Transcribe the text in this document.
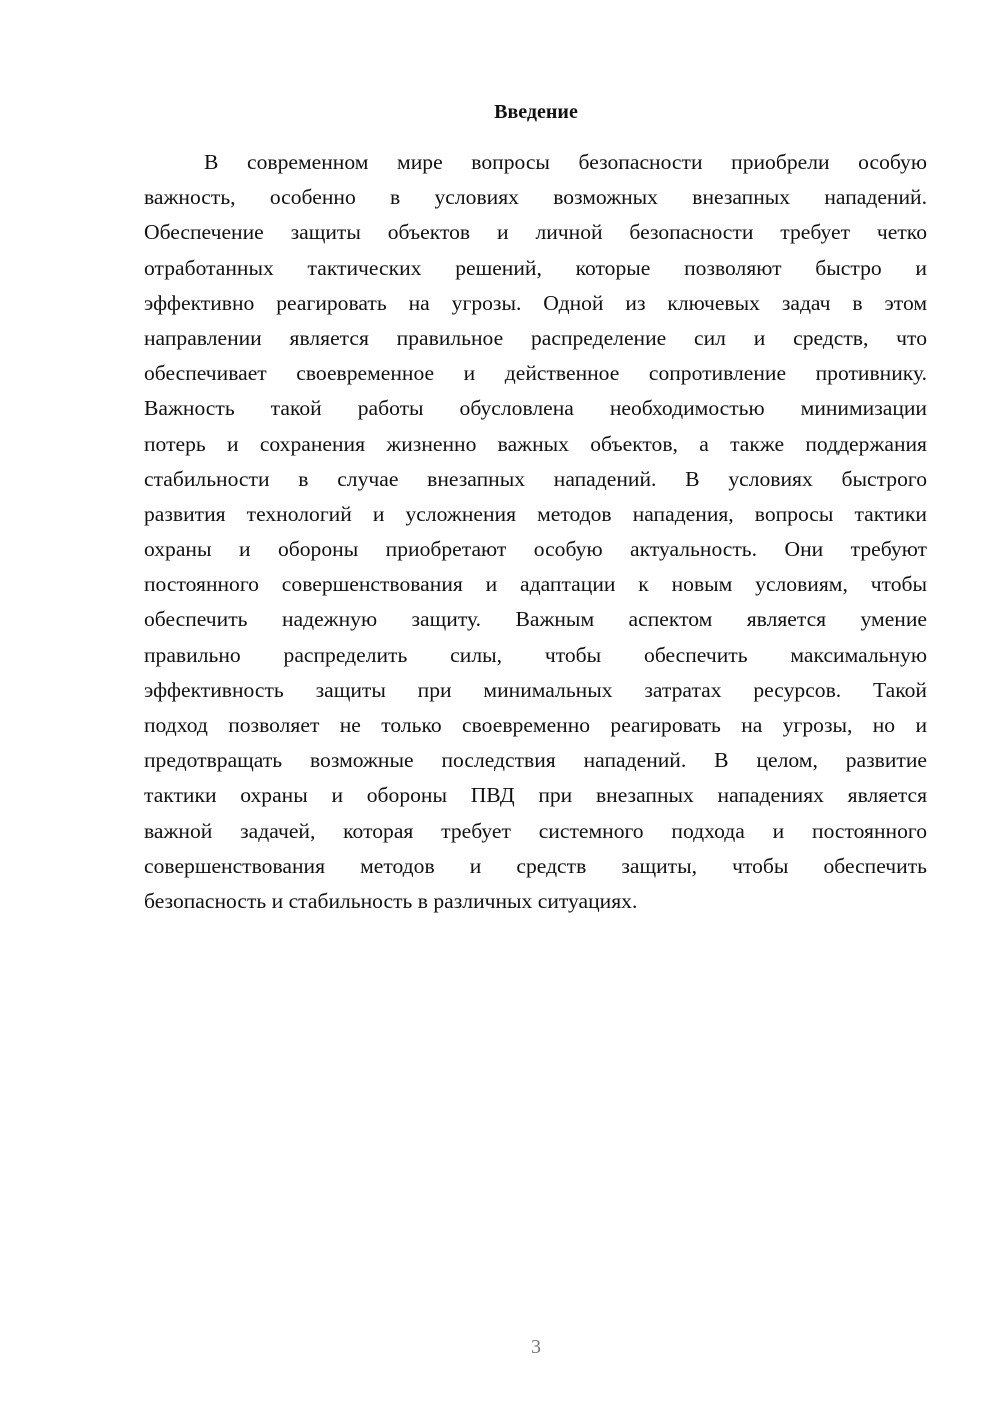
Введение
В современном мире вопросы безопасности приобрели особую
важность, особенно в условиях возможных внезапных нападений.
Обеспечение защиты объектов и личной безопасности требует четко
отработанных тактических решений, которые позволяют быстро и
эффективно реагировать на угрозы. Одной из ключевых задач в этом
направлении является правильное распределение сил и средств, что
обеспечивает своевременное и действенное сопротивление противнику.
Важность такой работы обусловлена необходимостью минимизации
потерь и сохранения жизненно важных объектов, а также поддержания
стабильности в случае внезапных нападений. В условиях быстрого
развития технологий и усложнения методов нападения, вопросы тактики
охраны и обороны приобретают особую актуальность. Они требуют
постоянного совершенствования и адаптации к новым условиям, чтобы
обеспечить надежную защиту. Важным аспектом является умение
правильно распределить силы, чтобы обеспечить максимальную
эффективность защиты при минимальных затратах ресурсов. Такой
подход позволяет не только своевременно реагировать на угрозы, но и
предотвращать возможные последствия нападений. В целом, развитие
тактики охраны и обороны ПВД при внезапных нападениях является
важной задачей, которая требует системного подхода и постоянного
совершенствования методов и средств защиты, чтобы обеспечить
безопасность и стабильность в различных ситуациях.
3
